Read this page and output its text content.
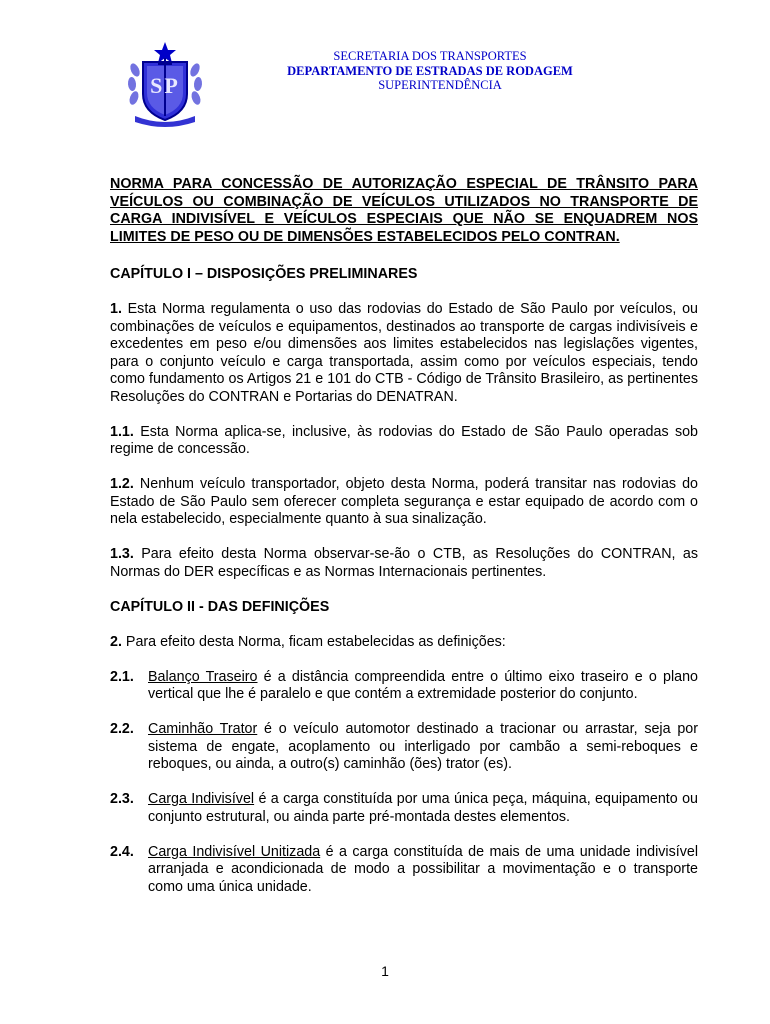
SP
SECRETARIA DOS TRANSPORTES
DEPARTAMENTO DE ESTRADAS DE RODAGEM
SUPERINTENDÊNCIA

NORMA PARA CONCESSÃO DE AUTORIZAÇÃO ESPECIAL DE TRÂNSITO PARA VEÍCULOS OU COMBINAÇÃO DE VEÍCULOS UTILIZADOS NO TRANSPORTE DE CARGA INDIVISÍVEL E VEÍCULOS ESPECIAIS QUE NÃO SE ENQUADREM NOS LIMITES DE PESO OU DE DIMENSÕES ESTABELECIDOS PELO CONTRAN.

CAPÍTULO I – DISPOSIÇÕES PRELIMINARES

1. Esta Norma regulamenta o uso das rodovias do Estado de São Paulo por veículos, ou combinações de veículos e equipamentos, destinados ao transporte de cargas indivisíveis e excedentes em peso e/ou dimensões aos limites estabelecidos nas legislações vigentes, para o conjunto veículo e carga transportada, assim como por veículos especiais, tendo como fundamento os Artigos 21 e 101 do CTB - Código de Trânsito Brasileiro, as pertinentes Resoluções do CONTRAN e Portarias do DENATRAN.

1.1. Esta Norma aplica-se, inclusive, às rodovias do Estado de São Paulo operadas sob regime de concessão.

1.2. Nenhum veículo transportador, objeto desta Norma, poderá transitar nas rodovias do Estado de São Paulo sem oferecer completa segurança e estar equipado de acordo com o nela estabelecido, especialmente quanto à sua sinalização.

1.3. Para efeito desta Norma observar-se-ão o CTB, as Resoluções do CONTRAN, as Normas do DER específicas e as Normas Internacionais pertinentes.

CAPÍTULO II - DAS DEFINIÇÕES

2. Para efeito desta Norma, ficam estabelecidas as definições:

2.1. Balanço Traseiro é a distância compreendida entre o último eixo traseiro e o plano vertical que lhe é paralelo e que contém a extremidade posterior do conjunto.
2.2. Caminhão Trator é o veículo automotor destinado a tracionar ou arrastar, seja por sistema de engate, acoplamento ou interligado por cambão a semi-reboques e reboques, ou ainda, a outro(s) caminhão (ões) trator (es).
2.3. Carga Indivisível é a carga constituída por uma única peça, máquina, equipamento ou conjunto estrutural, ou ainda parte pré-montada destes elementos.
2.4. Carga Indivisível Unitizada é a carga constituída de mais de uma unidade indivisível arranjada e acondicionada de modo a possibilitar a movimentação e o transporte como uma única unidade.
1
